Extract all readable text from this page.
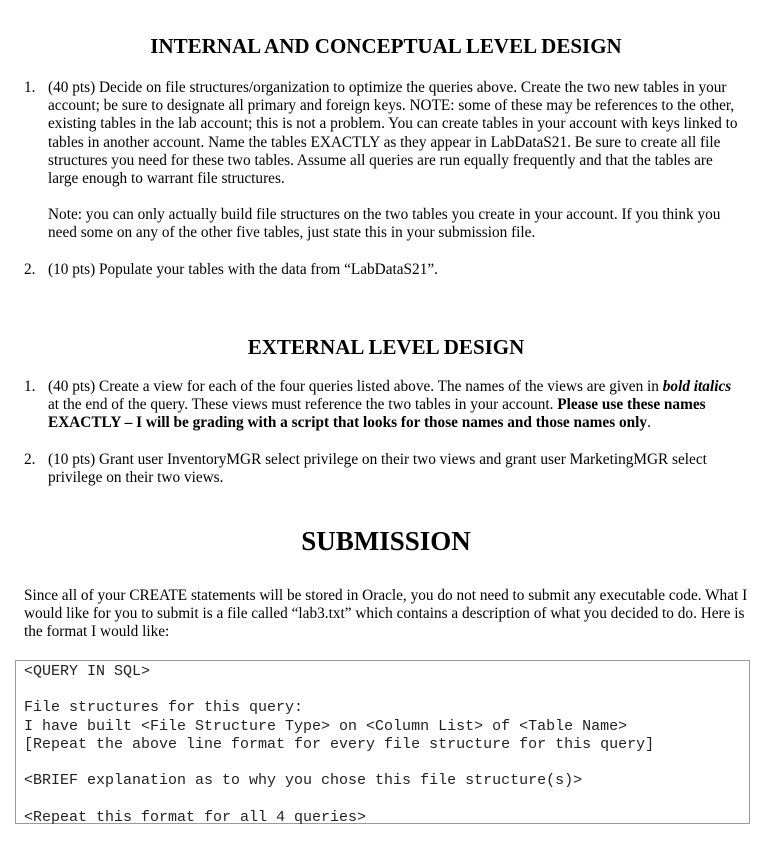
INTERNAL AND CONCEPTUAL LEVEL DESIGN
1. (40 pts) Decide on file structures/organization to optimize the queries above. Create the two new tables in your account; be sure to designate all primary and foreign keys. NOTE: some of these may be references to the other, existing tables in the lab account; this is not a problem. You can create tables in your account with keys linked to tables in another account. Name the tables EXACTLY as they appear in LabDataS21. Be sure to create all file structures you need for these two tables. Assume all queries are run equally frequently and that the tables are large enough to warrant file structures.

Note: you can only actually build file structures on the two tables you create in your account. If you think you need some on any of the other five tables, just state this in your submission file.

2. (10 pts) Populate your tables with the data from “LabDataS21”.

EXTERNAL LEVEL DESIGN
1. (40 pts) Create a view for each of the four queries listed above. The names of the views are given in bold italics at the end of the query. These views must reference the two tables in your account. Please use these names EXACTLY – I will be grading with a script that looks for those names and those names only.

2. (10 pts) Grant user InventoryMGR select privilege on their two views and grant user MarketingMGR select privilege on their two views.

SUBMISSION

Since all of your CREATE statements will be stored in Oracle, you do not need to submit any executable code. What I would like for you to submit is a file called “lab3.txt” which contains a description of what you decided to do. Here is the format I would like:

<QUERY IN SQL>
File structures for this query:
I have built <File Structure Type> on <Column List> of <Table Name>
[Repeat the above line format for every file structure for this query]
<BRIEF explanation as to why you chose this file structure(s)>
<Repeat this format for all 4 queries>
